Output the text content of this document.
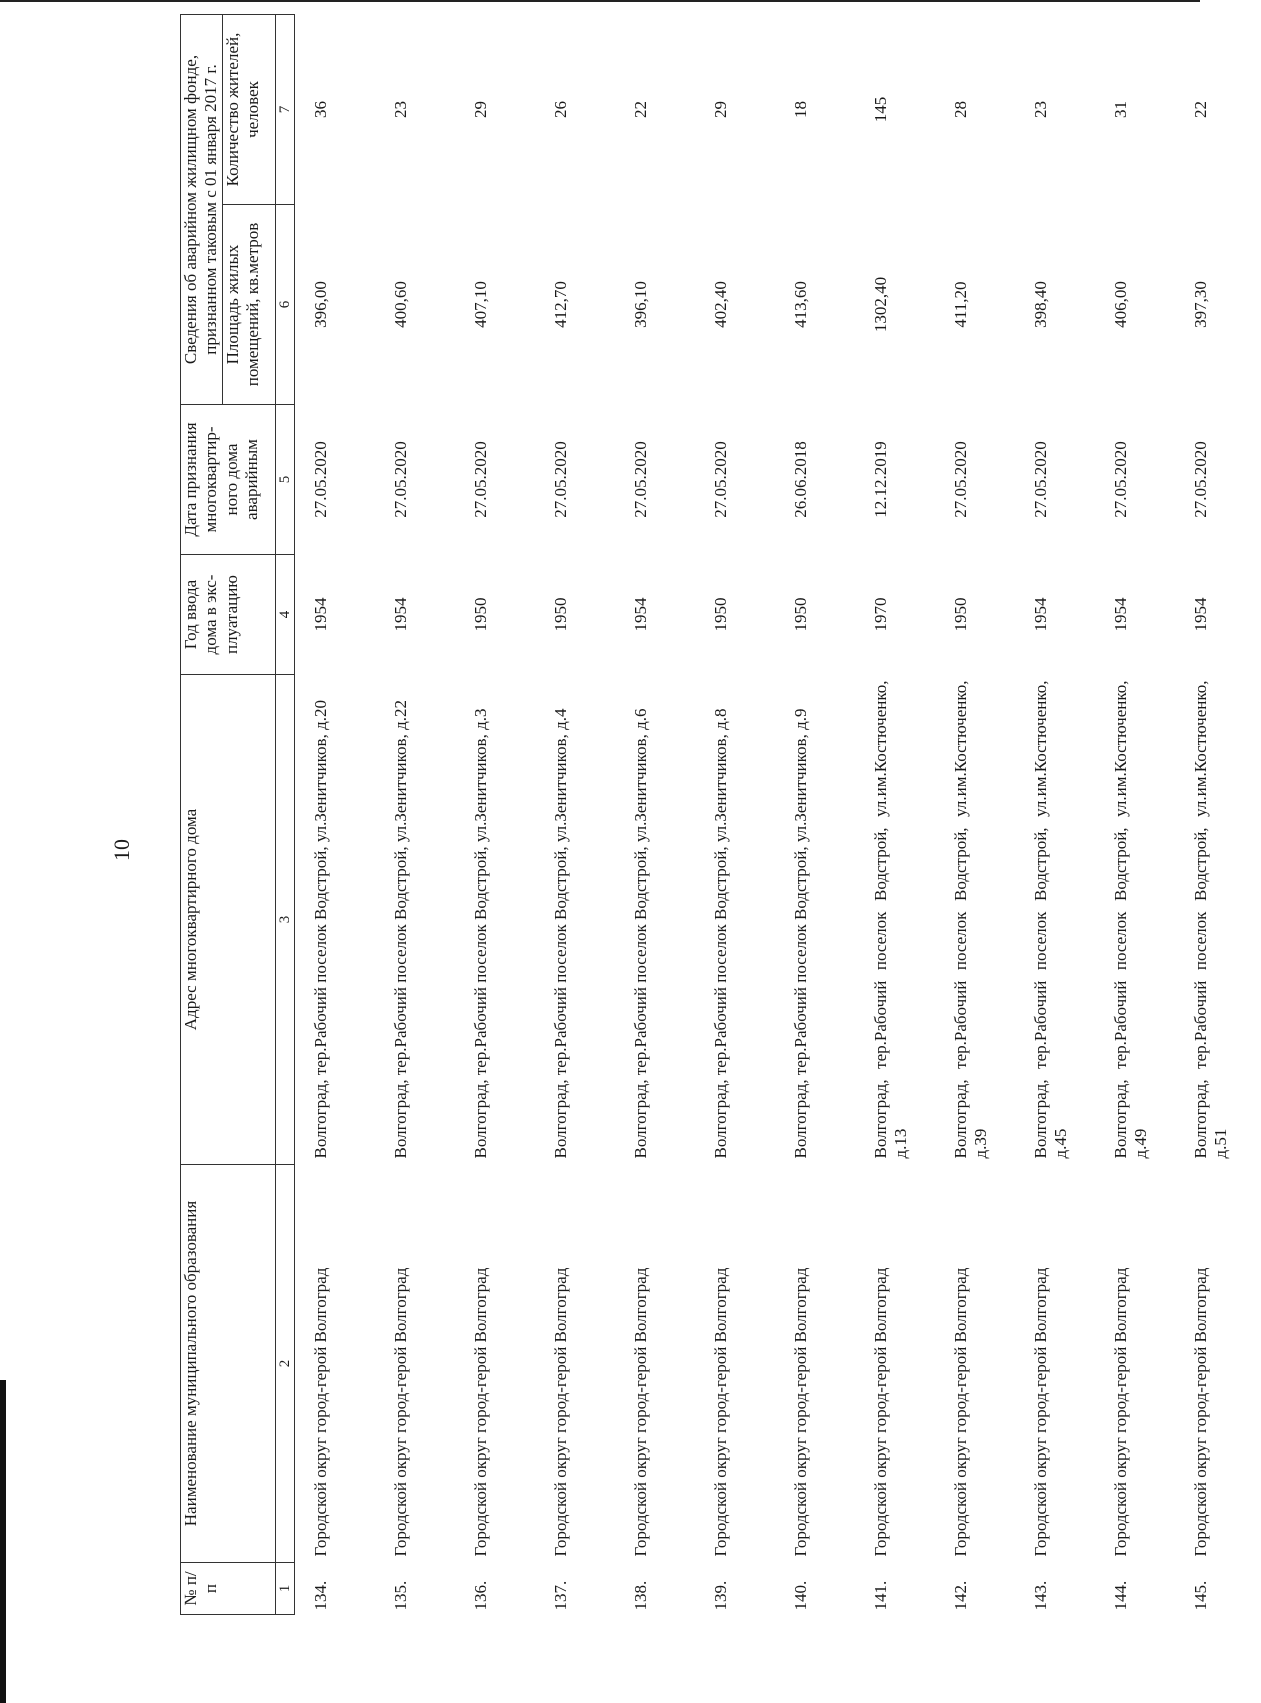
10
№ п/п	Наименование муниципального образования	Адрес многоквартирного дома	Год ввода дома в экс-плуатацию	Дата признания многоквартир-ного дома аварийным	Сведения об аварийном жилищном фонде, признанном таковым с 01 января 2017 г.	
					Площадь жилых помещений, кв.метров	Количество жителей, человек
1	2	3	4	5	6	7
134.	Городской округ город-герой Волгоград	Волгоград, тер.Рабочий поселок Водстрой, ул.Зенитчиков, д.20	1954	27.05.2020	396,00	36
135.	Городской округ город-герой Волгоград	Волгоград, тер.Рабочий поселок Водстрой, ул.Зенитчиков, д.22	1954	27.05.2020	400,60	23
136.	Городской округ город-герой Волгоград	Волгоград, тер.Рабочий поселок Водстрой, ул.Зенитчиков, д.3	1950	27.05.2020	407,10	29
137.	Городской округ город-герой Волгоград	Волгоград, тер.Рабочий поселок Водстрой, ул.Зенитчиков, д.4	1950	27.05.2020	412,70	26
138.	Городской округ город-герой Волгоград	Волгоград, тер.Рабочий поселок Водстрой, ул.Зенитчиков, д.6	1954	27.05.2020	396,10	22
139.	Городской округ город-герой Волгоград	Волгоград, тер.Рабочий поселок Водстрой, ул.Зенитчиков, д.8	1950	27.05.2020	402,40	29
140.	Городской округ город-герой Волгоград	Волгоград, тер.Рабочий поселок Водстрой, ул.Зенитчиков, д.9	1950	26.06.2018	413,60	18
141.	Городской округ город-герой Волгоград	Волгоград, тер.Рабочий поселок Водстрой, ул.им.Костюченко, д.13	1970	12.12.2019	1302,40	145
142.	Городской округ город-герой Волгоград	Волгоград, тер.Рабочий поселок Водстрой, ул.им.Костюченко, д.39	1950	27.05.2020	411,20	28
143.	Городской округ город-герой Волгоград	Волгоград, тер.Рабочий поселок Водстрой, ул.им.Костюченко, д.45	1954	27.05.2020	398,40	23
144.	Городской округ город-герой Волгоград	Волгоград, тер.Рабочий поселок Водстрой, ул.им.Костюченко, д.49	1954	27.05.2020	406,00	31
145.	Городской округ город-герой Волгоград	Волгоград, тер.Рабочий поселок Водстрой, ул.им.Костюченко, д.51	1954	27.05.2020	397,30	22
